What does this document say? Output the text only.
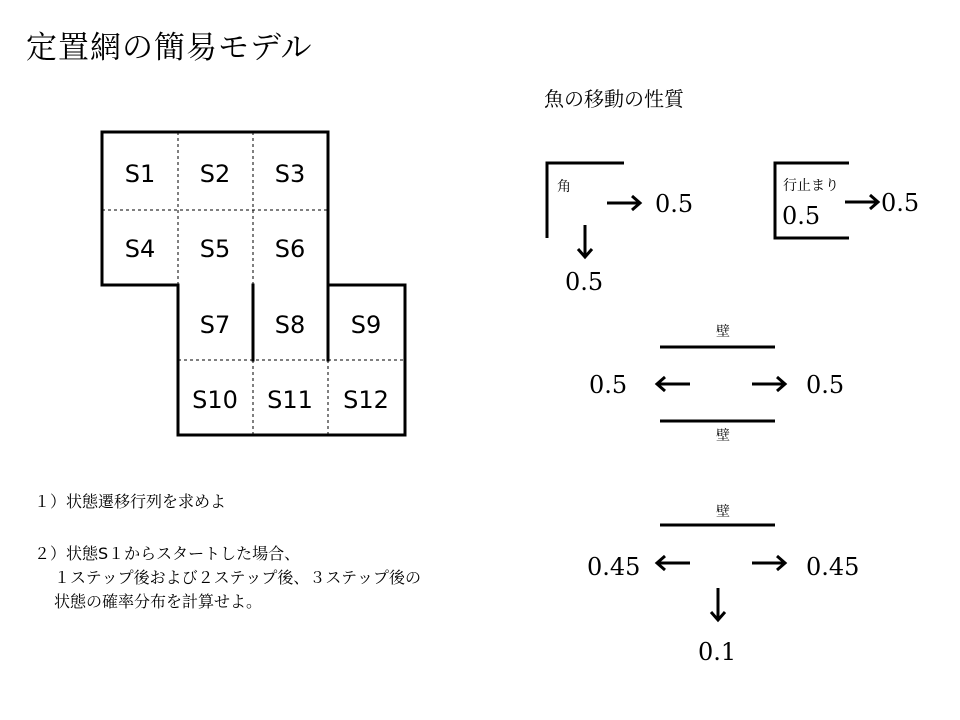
定置網の簡易モデル
魚の移動の性質
S1 S2 S3
S4 S5 S6
S7 S8 S9
S10 S11 S12
角
0.5
0.5
行止まり
0.5	0.5
壁
壁
0.5	0.5
壁
0.45	0.45
0.1
１）状態遷移行列を求めよ
２）状態S１からスタートした場合、
１ステップ後および２ステップ後、３ステップ後の
状態の確率分布を計算せよ。
